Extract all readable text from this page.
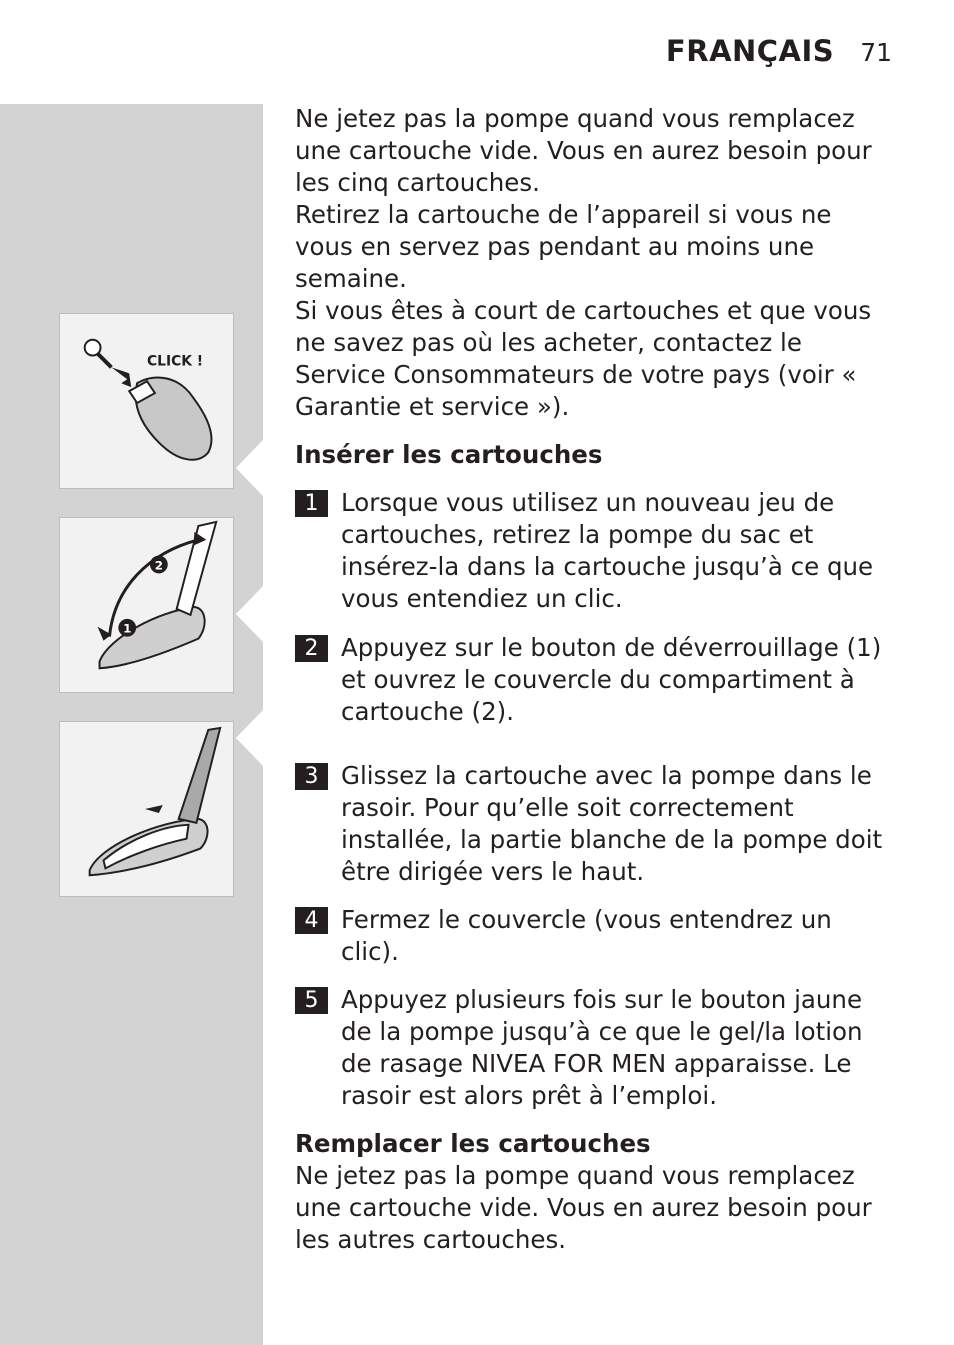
FRANÇAIS 71
CLICK !
2
1

Ne jetez pas la pompe quand vous remplacez une cartouche vide. Vous en aurez besoin pour les cinq cartouches.

Retirez la cartouche de l’appareil si vous ne vous en servez pas pendant au moins une semaine.

Si vous êtes à court de cartouches et que vous ne savez pas où les acheter, contactez le Service Consommateurs de votre pays (voir « Garantie et service »).

Insérer les cartouches

1 Lorsque vous utilisez un nouveau jeu de cartouches, retirez la pompe du sac et insérez-la dans la cartouche jusqu’à ce que vous entendiez un clic.
2 Appuyez sur le bouton de déverrouillage (1) et ouvrez le couvercle du compartiment à cartouche (2).
3 Glissez la cartouche avec la pompe dans le rasoir. Pour qu’elle soit correctement installée, la partie blanche de la pompe doit être dirigée vers le haut.
4 Fermez le couvercle (vous entendrez un clic).
5 Appuyez plusieurs fois sur le bouton jaune de la pompe jusqu’à ce que le gel/la lotion de rasage NIVEA FOR MEN apparaisse. Le rasoir est alors prêt à l’emploi.

Remplacer les cartouches

Ne jetez pas la pompe quand vous remplacez une cartouche vide. Vous en aurez besoin pour les autres cartouches.
